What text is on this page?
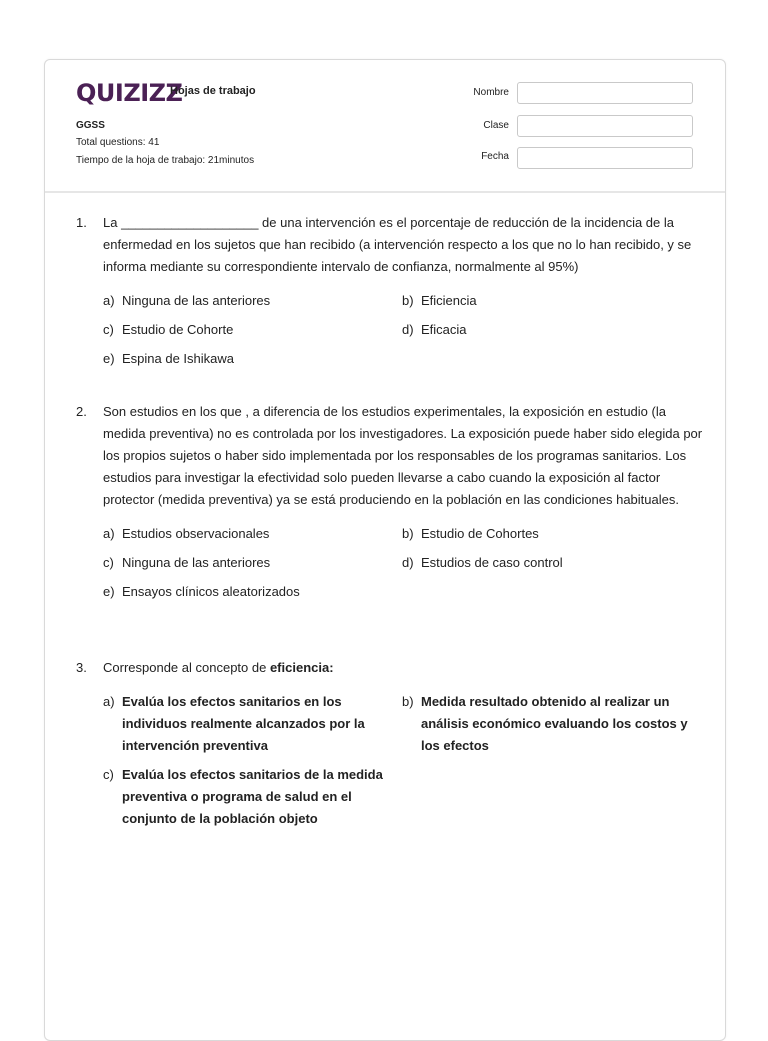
QUIZIZZ
Hojas de trabajo
GGSS
Total questions: 41
Tiempo de la hoja de trabajo: 21minutos
Nombre
Clase
Fecha
1. La ___________________ de una intervención es el porcentaje de reducción de la incidencia de la enfermedad en los sujetos que han recibido (a intervención respecto a los que no lo han recibido, y se informa mediante su correspondiente intervalo de confianza, normalmente al 95%)
a) Ninguna de las anteriores	b) Eficiencia
c) Estudio de Cohorte	d) Eficacia
e) Espina de Ishikawa
2. Son estudios en los que , a diferencia de los estudios experimentales, la exposición en estudio (la medida preventiva) no es controlada por los investigadores. La exposición puede haber sido elegida por los propios sujetos o haber sido implementada por los responsables de los programas sanitarios. Los estudios para investigar la efectividad solo pueden llevarse a cabo cuando la exposición al factor protector (medida preventiva) ya se está produciendo en la población en las condiciones habituales.
a) Estudios observacionales	b) Estudio de Cohortes
c) Ninguna de las anteriores	d) Estudios de caso control
e) Ensayos clínicos aleatorizados
3. Corresponde al concepto de eficiencia:
a) Evalúa los efectos sanitarios en los individuos realmente alcanzados por la intervención preventiva
b) Medida resultado obtenido al realizar un análisis económico evaluando los costos y los efectos
c) Evalúa los efectos sanitarios de la medida preventiva o programa de salud en el conjunto de la población objeto
